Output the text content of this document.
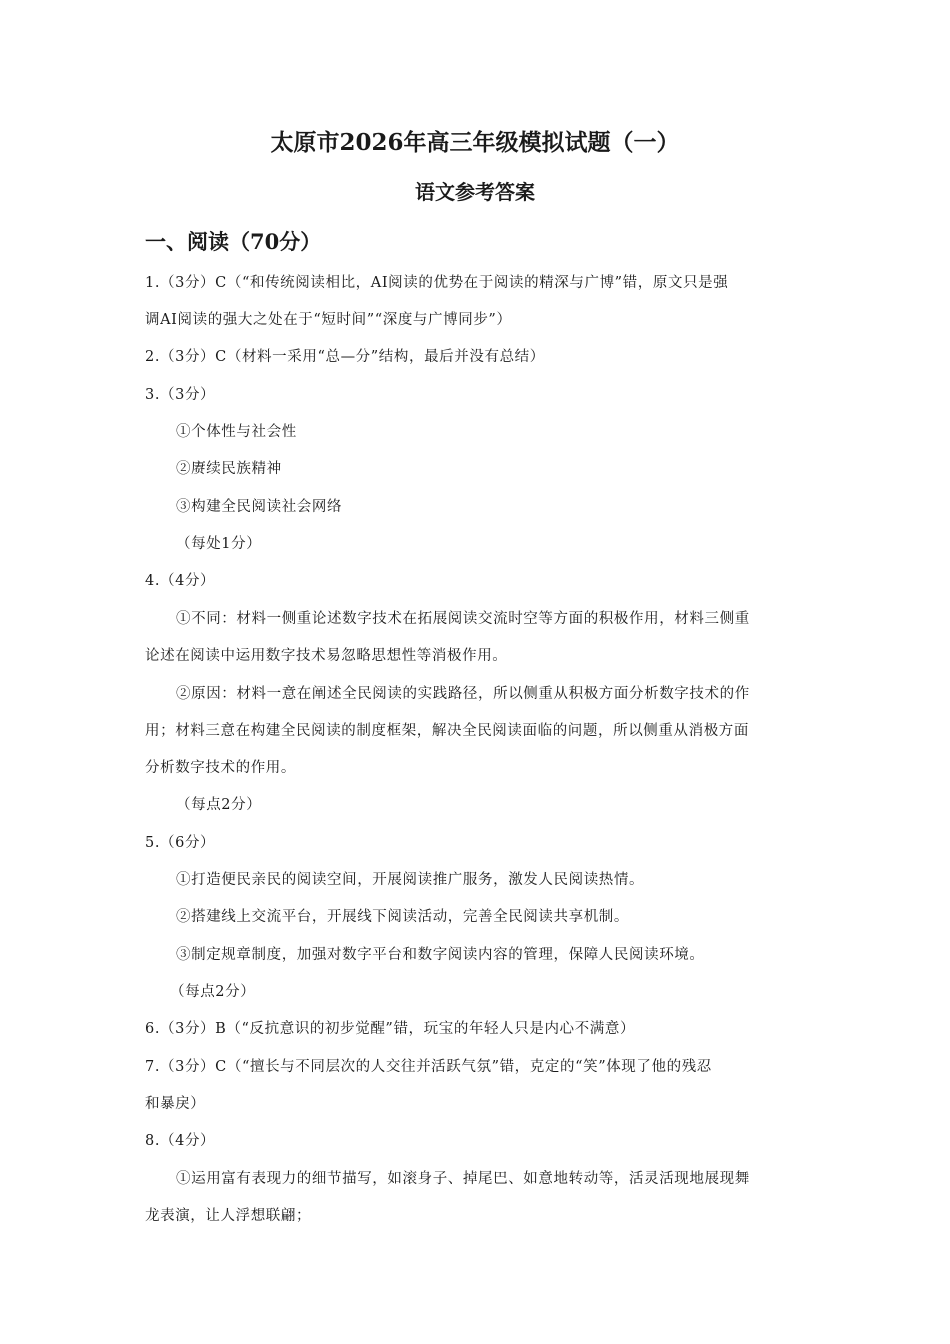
太原市2026年高三年级模拟试题（一）
语文参考答案
一、阅读（70分）
1.（3分）C（“和传统阅读相比，AI阅读的优势在于阅读的精深与广博”错，原文只是强
调AI阅读的强大之处在于“短时间”“深度与广博同步”）
2.（3分）C（材料一采用“总—分”结构，最后并没有总结）
3.（3分）
①个体性与社会性
②赓续民族精神
③构建全民阅读社会网络
（每处1分）
4.（4分）
①不同：材料一侧重论述数字技术在拓展阅读交流时空等方面的积极作用，材料三侧重
论述在阅读中运用数字技术易忽略思想性等消极作用。
②原因：材料一意在阐述全民阅读的实践路径，所以侧重从积极方面分析数字技术的作
用；材料三意在构建全民阅读的制度框架，解决全民阅读面临的问题，所以侧重从消极方面
分析数字技术的作用。
（每点2分）
5.（6分）
①打造便民亲民的阅读空间，开展阅读推广服务，激发人民阅读热情。
②搭建线上交流平台，开展线下阅读活动，完善全民阅读共享机制。
③制定规章制度，加强对数字平台和数字阅读内容的管理，保障人民阅读环境。
（每点2分）
6.（3分）B（“反抗意识的初步觉醒”错，玩宝的年轻人只是内心不满意）
7.（3分）C（“擅长与不同层次的人交往并活跃气氛”错，克定的“笑”体现了他的残忍
和暴戾）
8.（4分）
①运用富有表现力的细节描写，如滚身子、掉尾巴、如意地转动等，活灵活现地展现舞
龙表演，让人浮想联翩；
